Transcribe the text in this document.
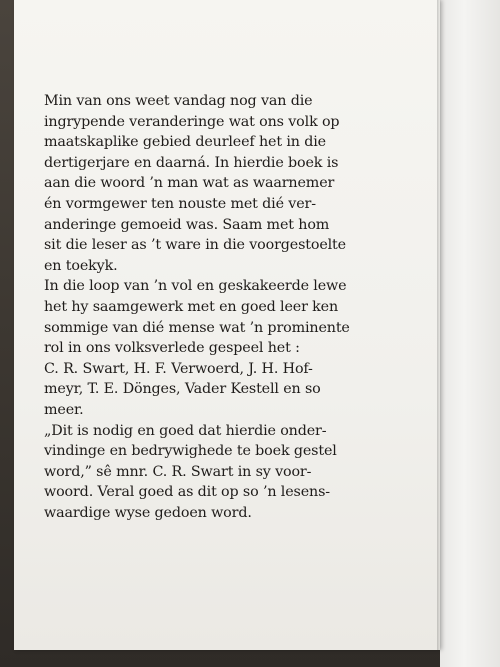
Min van ons weet vandag nog van die
ingrypende veranderinge wat ons volk op
maatskaplike gebied deurleef het in die
dertigerjare en daarná. In hierdie boek is
aan die woord ’n man wat as waarnemer
én vormgewer ten nouste met dié ver-
anderinge gemoeid was. Saam met hom
sit die leser as ’t ware in die voorgestoelte
en toekyk.

In die loop van ’n vol en geskakeerde lewe
het hy saamgewerk met en goed leer ken
sommige van dié mense wat ’n prominente
rol in ons volksverlede gespeel het :
C. R. Swart, H. F. Verwoerd, J. H. Hof-
meyr, T. E. Dönges, Vader Kestell en so
meer.

„Dit is nodig en goed dat hierdie onder-
vindinge en bedrywighede te boek gestel
word,” sê mnr. C. R. Swart in sy voor-
woord. Veral goed as dit op so ’n lesens-
waardige wyse gedoen word.
